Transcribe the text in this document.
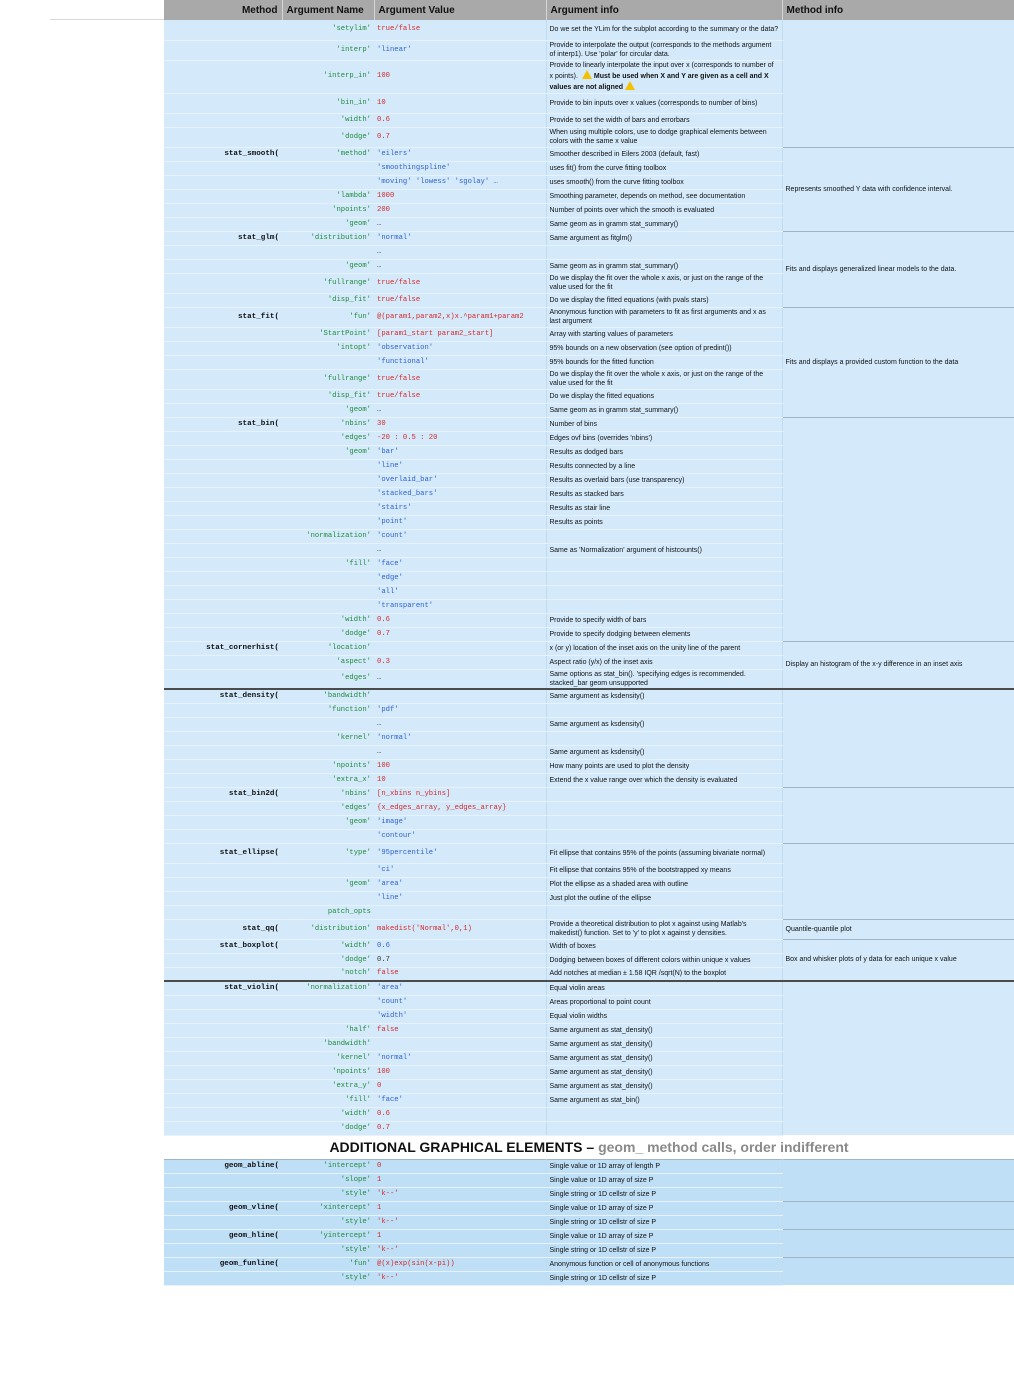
Method	Argument Name	Argument Value	Argument info	Method info
	'setylim'	true/false	Do we set the YLim for the subplot according to the summary or the data?	
	'interp'	'linear'	Provide to interpolate the output (corresponds to the methods argument of interp1). Use 'polar' for circular data.	
	'interp_in'	100	Provide to linearly interpolate the input over x (corresponds to number of x points). Must be used when X and Y are given as a cell and X values are not aligned	
	'bin_in'	10	Provide to bin inputs over x values (corresponds to number of bins)	
	'width'	0.6	Provide to set the width of bars and errorbars	
	'dodge'	0.7	When using multiple colors, use to dodge graphical elements between colors with the same x value	
stat_smooth(	'method'	'eilers'	Smoother described in Eilers 2003 (default, fast)	Represents smoothed Y data with confidence interval.
		'smoothingspline'	uses fit() from the curve fitting toolbox	
		'moving' 'lowess' 'sgolay' …	uses smooth() from the curve fitting toolbox	
	'lambda'	1000	Smoothing parameter, depends on method, see documentation	
	'npoints'	200	Number of points over which the smooth is evaluated	
	'geom'	…	Same geom as in gramm stat_summary()	
stat_glm(	'distribution'	'normal'	Same argument as fitglm()	Fits and displays generalized linear models to the data.
		…		
	'geom'	…	Same geom as in gramm stat_summary()	
	'fullrange'	true/false	Do we display the fit over the whole x axis, or just on the range of the value used for the fit	
	'disp_fit'	true/false	Do we display the fitted equations (with pvals stars)	
stat_fit(	'fun'	@(param1,param2,x)x.^param1+param2	Anonymous function with parameters to fit as first arguments and x as last argument	Fits and displays a provided custom function to the data
	'StartPoint'	[param1_start param2_start]	Array with starting values of parameters	
	'intopt'	'observation'	95% bounds on a new observation (see option of predint())	
		'functional'	95% bounds for the fitted function	
	'fullrange'	true/false	Do we display the fit over the whole x axis, or just on the range of the value used for the fit	
	'disp_fit'	true/false	Do we display the fitted equations	
	'geom'	…	Same geom as in gramm stat_summary()	
stat_bin(	'nbins'	30	Number of bins	
	'edges'	-20 : 0.5 : 20	Edges ovf bins (overrides 'nbins')	
	'geom'	'bar'	Results as dodged bars	
		'line'	Results connected by a line	
		'overlaid_bar'	Results as overlaid bars (use transparency)	
		'stacked_bars'	Results as stacked bars	
		'stairs'	Results as stair line	
		'point'	Results as points	
	'normalization'	'count'		
		…	Same as 'Normalization' argument of histcounts()	
	'fill'	'face'		
		'edge'		
		'all'		
		'transparent'		
	'width'	0.6	Provide to specify width of bars	
	'dodge'	0.7	Provide to specify dodging between elements	
stat_cornerhist(	'location'		x (or y) location of the inset axis on the unity line of the parent	Display an histogram of the x-y difference in an inset axis
	'aspect'	0.3	Aspect ratio (y/x) of the inset axis	
	'edges'	…	Same options as stat_bin(). 'specifying edges is recommended. stacked_bar geom unsupported	
stat_density(	'bandwidth'		Same argument as ksdensity()	
	'function'	'pdf'		
		…	Same argument as ksdensity()	
	'kernel'	'normal'		
		…	Same argument as ksdensity()	
	'npoints'	100	How many points are used to plot the density	
	'extra_x'	10	Extend the x value range over which the density is evaluated	
stat_bin2d(	'nbins'	[n_xbins n_ybins]		
	'edges'	{x_edges_array, y_edges_array}		
	'geom'	'image'		
		'contour'		
stat_ellipse(	'type'	'95percentile'	Fit ellipse that contains 95% of the points (assuming bivariate normal)	
		'ci'	Fit ellipse that contains 95% of the bootstrapped xy means	
	'geom'	'area'	Plot the ellipse as a shaded area with outline	
		'line'	Just plot the outline of the ellipse	
	patch_opts			
stat_qq(	'distribution'	makedist('Normal',0,1)	Provide a theoretical distribution to plot x against using Matlab's makedist() function. Set to 'y' to plot x against y densities.	Quantile-quantile plot
stat_boxplot(	'width'	0.6	Width of boxes	Box and whisker plots of y data for each unique x value
	'dodge'	0.7	Dodging between boxes of different colors within unique x values	
	'notch'	false	Add notches at median ± 1.58 IQR /sqrt(N) to the boxplot	
stat_violin(	'normalization'	'area'	Equal violin areas	
		'count'	Areas proportional to point count	
		'width'	Equal violin widths	
	'half'	false	Same argument as stat_density()	
	'bandwidth'		Same argument as stat_density()	
	'kernel'	'normal'	Same argument as stat_density()	
	'npoints'	100	Same argument as stat_density()	
	'extra_y'	0	Same argument as stat_density()	
	'fill'	'face'	Same argument as stat_bin()	
	'width'	0.6		
	'dodge'	0.7		
ADDITIONAL GRAPHICAL ELEMENTS – geom_ method calls, order indifferent				
geom_abline(	'intercept'	0	Single value or 1D array of length P	
	'slope'	1	Single value or 1D array of size P	
	'style'	'k--'	Single string or 1D cellstr of size P	
geom_vline(	'xintercept'	1	Single value or 1D array of size P	
	'style'	'k--'	Single string or 1D cellstr of size P	
geom_hline(	'yintercept'	1	Single value or 1D array of size P	
	'style'	'k--'	Single string or 1D cellstr of size P	
geom_funline(	'fun'	@(x)exp(sin(x-pi))	Anonymous function or cell of anonymous functions	
	'style'	'k--'	Single string or 1D cellstr of size P	
